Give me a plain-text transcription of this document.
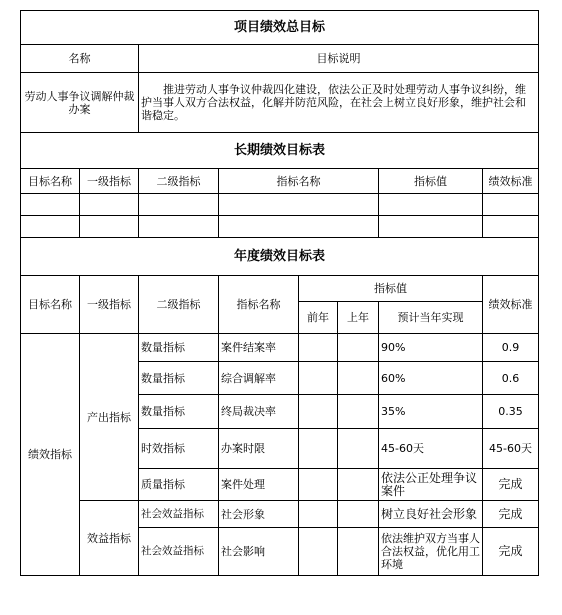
项目绩效总目标							
名称		目标说明					
劳动人事争议调解仲裁办案		推进劳动人事争议仲裁四化建设，依法公正及时处理劳动人事争议纠纷，维护当事人双方合法权益，化解并防范风险，在社会上树立良好形象，维护社会和谐稳定。					
长期绩效目标表							
目标名称	一级指标	二级指标	指标名称			指标值	绩效标准

年度绩效目标表							
目标名称	一级指标	二级指标	指标名称	指标值			绩效标准
				前年	上年	预计当年实现	
绩效指标	产出指标	数量指标	案件结案率			90%	0.9
		数量指标	综合调解率			60%	0.6
		数量指标	终局裁决率			35%	0.35
		时效指标	办案时限			45-60天	45-60天
		质量指标	案件处理			依法公正处理争议案件	完成
	效益指标	社会效益指标	社会形象			树立良好社会形象	完成
		社会效益指标	社会影响			依法维护双方当事人合法权益，优化用工环境	完成
